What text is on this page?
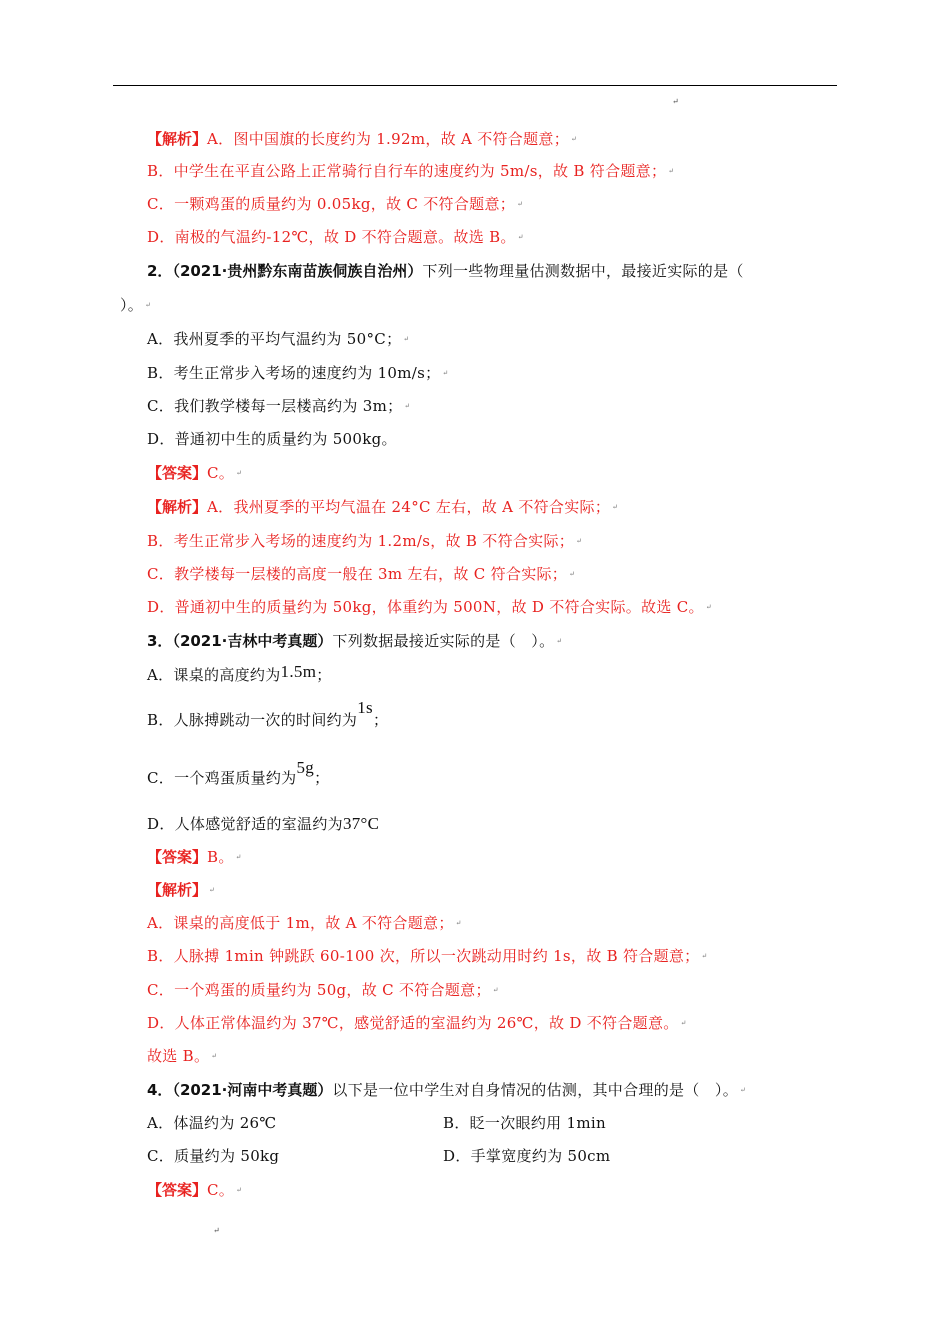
↵
【解析】A．图中国旗的长度约为 1.92m，故 A 不符合题意； ↵
B．中学生在平直公路上正常骑行自行车的速度约为 5m/s，故 B 符合题意； ↵
C．一颗鸡蛋的质量约为 0.05kg，故 C 不符合题意； ↵
D．南极的气温约-12℃，故 D 不符合题意。故选 B。 ↵
2．（2021·贵州黔东南苗族侗族自治州）下列一些物理量估测数据中，最接近实际的是（
）。 ↵
A．我州夏季的平均气温约为 50°C； ↵
B．考生正常步入考场的速度约为 10m/s； ↵
C．我们教学楼每一层楼高约为 3m； ↵
D．普通初中生的质量约为 500kg。
【答案】C。 ↵
【解析】A．我州夏季的平均气温在 24°C 左右，故 A 不符合实际； ↵
B．考生正常步入考场的速度约为 1.2m/s，故 B 不符合实际； ↵
C．教学楼每一层楼的高度一般在 3m 左右，故 C 符合实际； ↵
D．普通初中生的质量约为 50kg，体重约为 500N，故 D 不符合实际。故选 C。 ↵
3．（2021·吉林中考真题）下列数据最接近实际的是（　）。 ↵
A．课桌的高度约为1.5m；
B．人脉搏跳动一次的时间约为1s；
C．一个鸡蛋质量约为5g；
D．人体感觉舒适的室温约为37°C
【答案】B。 ↵
【解析】 ↵
A．课桌的高度低于 1m，故 A 不符合题意； ↵
B．人脉搏 1min 钟跳跃 60-100 次，所以一次跳动用时约 1s，故 B 符合题意； ↵
C．一个鸡蛋的质量约为 50g，故 C 不符合题意； ↵
D．人体正常体温约为 37℃，感觉舒适的室温约为 26℃，故 D 不符合题意。 ↵
故选 B。 ↵
4．（2021·河南中考真题）以下是一位中学生对自身情况的估测，其中合理的是（　）。 ↵
A．体温约为 26℃	B．眨一次眼约用 1min
C．质量约为 50kg	D．手掌宽度约为 50cm
【答案】C。 ↵
↵
